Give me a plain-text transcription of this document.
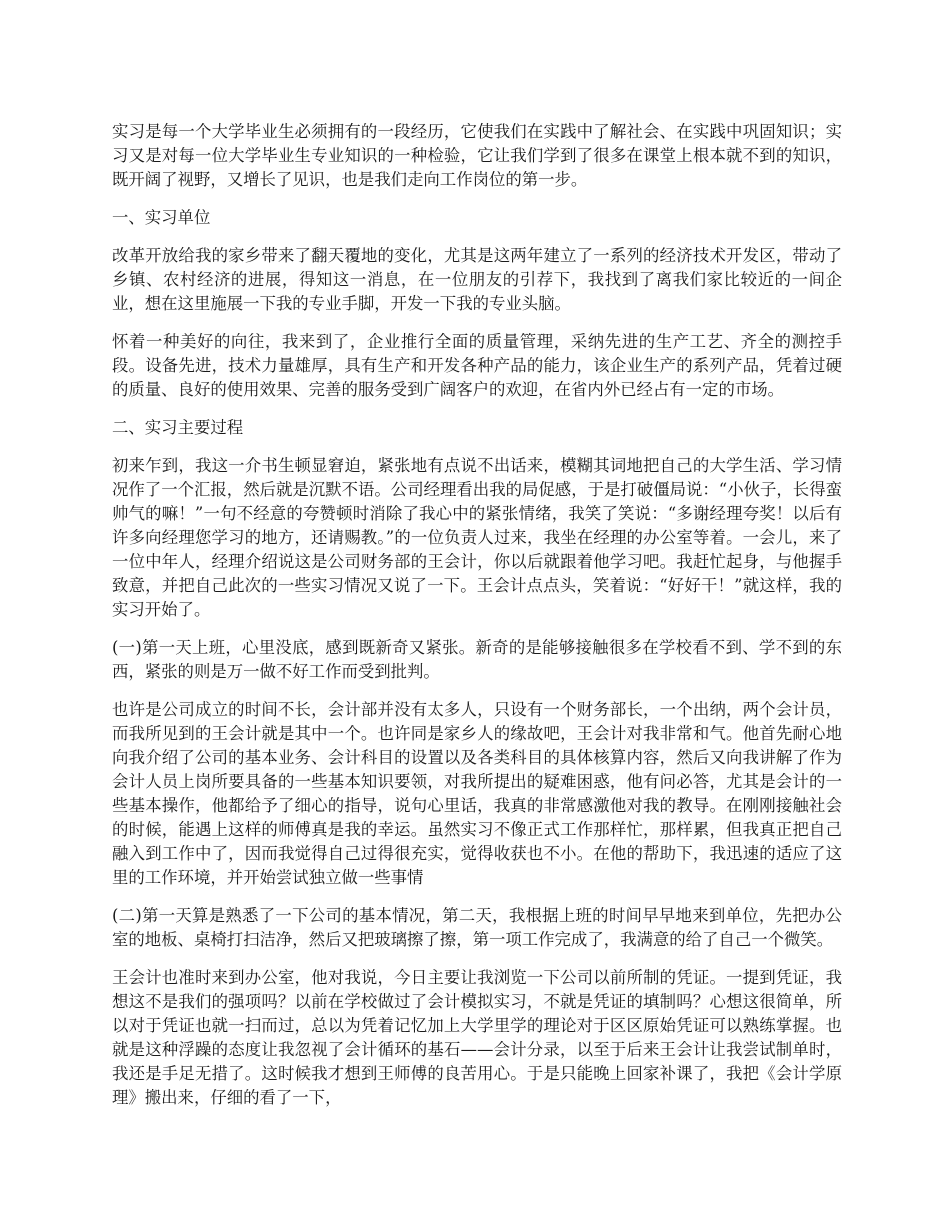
实习是每一个大学毕业生必须拥有的一段经历，它使我们在实践中了解社会、在实践中巩固知识；实习又是对每一位大学毕业生专业知识的一种检验，它让我们学到了很多在课堂上根本就不到的知识，既开阔了视野，又增长了见识，也是我们走向工作岗位的第一步。

一、实习单位

改革开放给我的家乡带来了翻天覆地的变化，尤其是这两年建立了一系列的经济技术开发区，带动了乡镇、农村经济的进展，得知这一消息，在一位朋友的引荐下，我找到了离我们家比较近的一间企业，想在这里施展一下我的专业手脚，开发一下我的专业头脑。

怀着一种美好的向往，我来到了，企业推行全面的质量管理，采纳先进的生产工艺、齐全的测控手段。设备先进，技术力量雄厚，具有生产和开发各种产品的能力，该企业生产的系列产品，凭着过硬的质量、良好的使用效果、完善的服务受到广阔客户的欢迎，在省内外已经占有一定的市场。

二、实习主要过程

初来乍到，我这一介书生顿显窘迫，紧张地有点说不出话来，模糊其词地把自己的大学生活、学习情况作了一个汇报，然后就是沉默不语。公司经理看出我的局促感，于是打破僵局说：“小伙子，长得蛮帅气的嘛！”一句不经意的夸赞顿时消除了我心中的紧张情绪，我笑了笑说：“多谢经理夸奖！以后有许多向经理您学习的地方，还请赐教。”的一位负责人过来，我坐在经理的办公室等着。一会儿，来了一位中年人，经理介绍说这是公司财务部的王会计，你以后就跟着他学习吧。我赶忙起身，与他握手致意，并把自己此次的一些实习情况又说了一下。王会计点点头，笑着说：“好好干！”就这样，我的实习开始了。

(一)第一天上班，心里没底，感到既新奇又紧张。新奇的是能够接触很多在学校看不到、学不到的东西，紧张的则是万一做不好工作而受到批判。

也许是公司成立的时间不长，会计部并没有太多人，只设有一个财务部长，一个出纳，两个会计员，而我所见到的王会计就是其中一个。也许同是家乡人的缘故吧，王会计对我非常和气。他首先耐心地向我介绍了公司的基本业务、会计科目的设置以及各类科目的具体核算内容，然后又向我讲解了作为会计人员上岗所要具备的一些基本知识要领，对我所提出的疑难困惑，他有问必答，尤其是会计的一些基本操作，他都给予了细心的指导，说句心里话，我真的非常感激他对我的教导。在刚刚接触社会的时候，能遇上这样的师傅真是我的幸运。虽然实习不像正式工作那样忙，那样累，但我真正把自己融入到工作中了，因而我觉得自己过得很充实，觉得收获也不小。在他的帮助下，我迅速的适应了这里的工作环境，并开始尝试独立做一些事情

(二)第一天算是熟悉了一下公司的基本情况，第二天，我根据上班的时间早早地来到单位，先把办公室的地板、桌椅打扫洁净，然后又把玻璃擦了擦，第一项工作完成了，我满意的给了自己一个微笑。

王会计也准时来到办公室，他对我说，今日主要让我浏览一下公司以前所制的凭证。一提到凭证，我想这不是我们的强项吗？以前在学校做过了会计模拟实习，不就是凭证的填制吗？心想这很简单，所以对于凭证也就一扫而过，总以为凭着记忆加上大学里学的理论对于区区原始凭证可以熟练掌握。也就是这种浮躁的态度让我忽视了会计循环的基石——会计分录，以至于后来王会计让我尝试制单时，我还是手足无措了。这时候我才想到王师傅的良苦用心。于是只能晚上回家补课了，我把《会计学原理》搬出来，仔细的看了一下，
